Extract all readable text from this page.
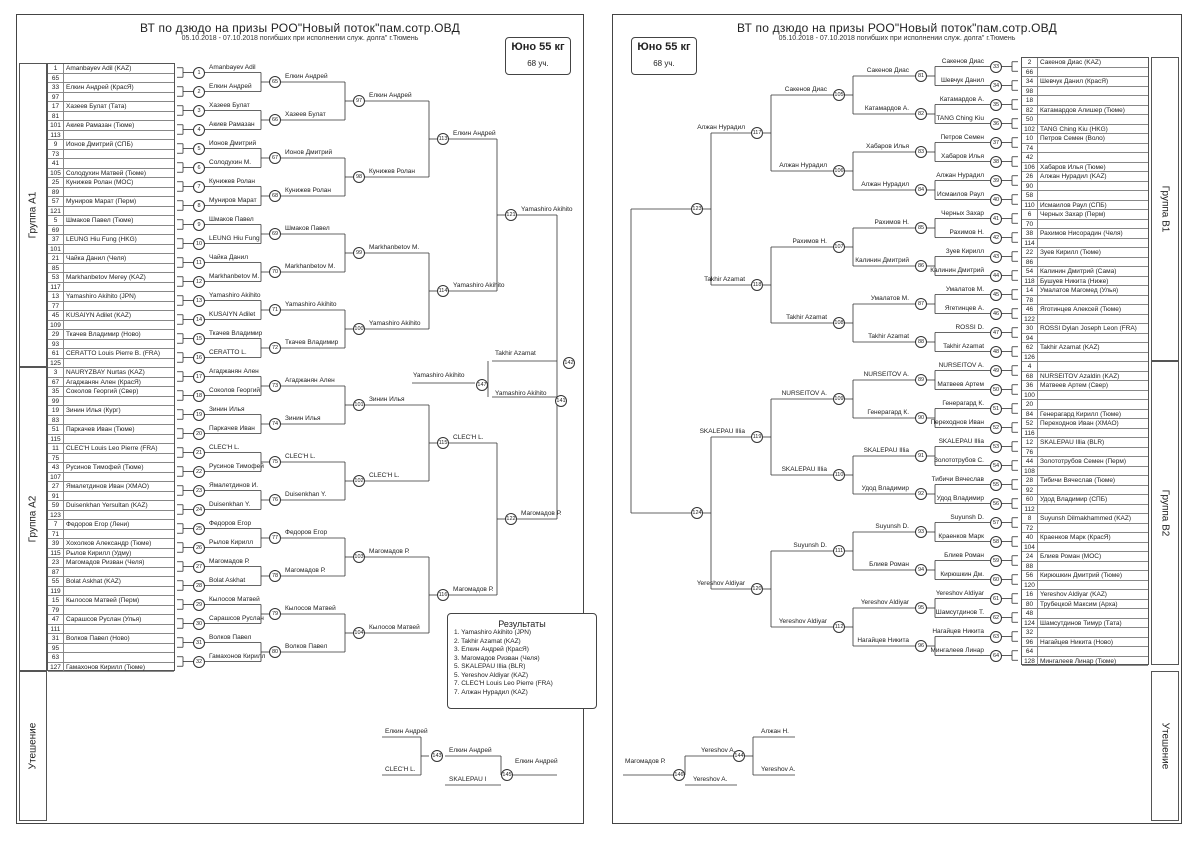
ВТ по дзюдо на призы РОО"Новый поток"пам.сотр.ОВД
05.10.2018 - 07.10.2018 погибших при исполнении служ. долга" г.Тюмень
Юно 55 кг
68 уч.
Группа А1
Группа А2
Утешение
1 Amanbayev Adil (KAZ)
65
33 Елкин Андрей (КрасЯ)
97
17 Хазеев Булат (Тата)
81
101 Акиев Рамазан (Тюме)
113
9 Ионов Дмитрий (СПБ)
73
41
105 Солодухин Матвей (Тюме)
25 Кунижев Ролан (МОС)
89
57 Муниров Марат (Перм)
121
5 Шмаков Павел (Тюме)
69
37 LEUNG Hiu Fung (HKG)
101
21 Чайка Данил (Челя)
85
53 Markhanbetov Merey (KAZ)
117
13 Yamashiro Akihito (JPN)
77
45 KUSAIYN Adilet (KAZ)
109
29 Ткачев Владимир (Ново)
93
61 CERATTO Louis Pierre B. (FRA)
125
3 NAURYZBAY Nurtas (KAZ)
67 Агаджанян Ален (КрасЯ)
35 Соколов Георгий (Свер)
99
19 Зинин Илья (Кург)
83
51 Паркачев Иван (Тюме)
115
11 CLEC'H Louis Leo Pierre (FRA)
75
43 Русинов Тимофей (Тюме)
107
27 Ямалетдинов Иван (ХМАО)
91
59 Duisenkhan Yersultan (KAZ)
123
7 Федоров Егор (Лени)
71
39 Хохолков Александр (Тюме)
115 Рылов Кирилл (Удму)
23 Магомадов Ризван (Челя)
87
55 Bolat Askhat (KAZ)
119
15 Кылосов Матвей (Перм)
79
47 Сарашсов Руслан (Улья)
111
31 Волков Павел (Ново)
95
63
127 Гамахонов Кирилл (Тюме)
1
2
3
4
5
6
7
8
9
10
11
12
13
14
15
16
17
18
19
20
21
22
23
24
25
26
27
28
29
30
31
32
65
Amanbayev Adil
Елкин Андрей
66
Хазеев Булат
Акиев Рамазан
67
Ионов Дмитрий
Солодухин М.
68
Кунижев Ролан
Муниров Марат
69
Шмаков Павел
LEUNG Hiu Fung
70
Чайка Данил
Markhanbetov M.
71
Yamashiro Akihito
KUSAIYN Adilet
72
Ткачев Владимир
CERATTO L.
73
Агаджанян Ален
Соколов Георгий
74
Зинин Илья
Паркачев Иван
75
CLEC'H L.
Русинов Тимофей
76
Ямалетдинов И.
Duisenkhan Y.
77
Федоров Егор
Рылов Кирилл
78
Магомадов Р.
Bolat Askhat
79
Кылосов Матвей
Сарашсов Руслан
80
Волков Павел
Гамахонов Кирилл
97
Елкин Андрей
Хазеев Булат
98
Ионов Дмитрий
Кунижев Ролан
99
Шмаков Павел
Markhanbetov M.
100
Yamashiro Akihito
Ткачев Владимир
101
Агаджанян Ален
Зинин Илья
102
CLEC'H L.
Duisenkhan Y.
103
Федоров Егор
Магомадов Р.
104
Кылосов Матвей
Волков Павел
113
Елкин Андрей
Кунижев Ролан
114
Markhanbetov M.
Yamashiro Akihito
115
Зинин Илья
CLEC'H L.
116
Магомадов Р.
Кылосов Матвей
121
Елкин Андрей
Yamashiro Akihito
122
CLEC'H L.
Магомадов Р.
Yamashiro Akihito
Магомадов Р.
142
141
147
Takhir Azamat
Yamashiro Akihito
Yamashiro Akihito
143
Елкин Андрей
CLEC'H L.
Елкин Андрей
SKALEPAU I
145
Елкин Андрей
Результаты
1. Yamashiro Akihito (JPN)
2. Takhir Azamat (KAZ)
3. Елкин Андрей (КрасЯ)
3. Магомадов Ризван (Челя)
5. SKALEPAU Illia (BLR)
5. Yereshov Aldiyar (KAZ)
7. CLEC'H Louis Leo Pierre (FRA)
7. Алжан Нурадил (KAZ)
ВТ по дзюдо на призы РОО"Новый поток"пам.сотр.ОВД
05.10.2018 - 07.10.2018 погибших при исполнении служ. долга" г.Тюмень
Юно 55 кг
68 уч.
Группа В1
Группа В2
Утешение
2 Сакенов Диас (KAZ)
66
34 Шевчук Данил (КрасЯ)
98
18
82 Катамардов Алишер (Тюме)
50
102 TANG Ching Kiu (HKG)
10 Петров Семен (Воло)
74
42
106 Хабаров Илья (Тюме)
26 Алжан Нурадил (KAZ)
90
58
110 Исмаилов Раул (СПБ)
6 Черных Захар (Перм)
70
38 Рахимов Нисорадин (Челя)
114
22 Зуев Кирилл (Тюме)
86
54 Калинин Дмитрий (Сама)
118 Бушуев Никита (Ниже)
14 Умалатов Магомед (Улья)
78
46 Яготинцев Алексей (Тюме)
122
30 ROSSI Dylan Joseph Leon (FRA)
94
62 Takhir Azamat (KAZ)
126
4
68 NURSEITOV Azaldin (KAZ)
36 Матвеев Артем (Свер)
100
20
84 Генерагард Кирилл (Тюме)
52 Переходнов Иван (ХМАО)
116
12 SKALEPAU Illia (BLR)
76
44 Золототрубов Семен (Перм)
108
28 Тибичи Вячеслав (Тюме)
92
60 Удод Владимир (СПБ)
112
8 Suyunsh Dilmakhammed (KAZ)
72
40 Краенков Марк (КрасЯ)
104
24 Блиев Роман (МОС)
88
56 Кирюшкин Дмитрий (Тюме)
120
16 Yereshov Aldiyar (KAZ)
80 Трубецкой Максим (Арха)
48
124 Шамсутдинов Тимур (Тата)
32
96 Нагайцев Никита (Ново)
64
128 Мингалеев Линар (Тюме)
33
34
35
36
37
38
39
40
41
42
43
44
45
46
47
48
49
50
51
52
53
54
55
56
57
58
59
60
61
62
63
64
81
Сакенов Диас
Шевчук Данил
82
Катамардов А.
TANG Ching Kiu
83
Петров Семен
Хабаров Илья
84
Алжан Нурадил
Исмаилов Раул
85
Черных Захар
Рахимов Н.
86
Зуев Кирилл
Калинин Дмитрий
87
Умалатов М.
Ягетинцев А.
88
ROSSI D.
Takhir Azamat
89
NURSEITOV A.
Матвеев Артем
90
Генерагард К.
Переходнов Иван
91
SKALEPAU Illia
Золототрубов С.
92
Тибичи Вячеслав
Удод Владимир
93
Suyunsh D.
Краенков Марк
94
Блиев Роман
Кирюшкин Дм.
95
Yereshov Aldiyar
Шамсутдинов Т.
96
Нагайцев Никита
Мингалеев Линар
105
Сакенов Диас
Катамардов А.
106
Хабаров Илья
Алжан Нурадил
107
Рахимов Н.
Калинин Дмитрий
108
Умалатов М.
Takhir Azamat
109
NURSEITOV A.
Генерагард К.
110
SKALEPAU Illia
Удод Владимир
111
Suyunsh D.
Блиев Роман
112
Yereshov Aldiyar
Нагайцев Никита
117
Сакенов Диас
Алжан Нурадил
118
Рахимов Н.
Takhir Azamat
119
NURSEITOV A.
SKALEPAU Illia
120
Suyunsh D.
Yereshov Aldiyar
123
Алжан Нурадил
Takhir Azamat
124
SKALEPAU Illia
Yereshov Aldiyar
144
Алжан Н.
Yereshov A.
Yereshov A.
146
Магомадов Р.
Yereshov A.
